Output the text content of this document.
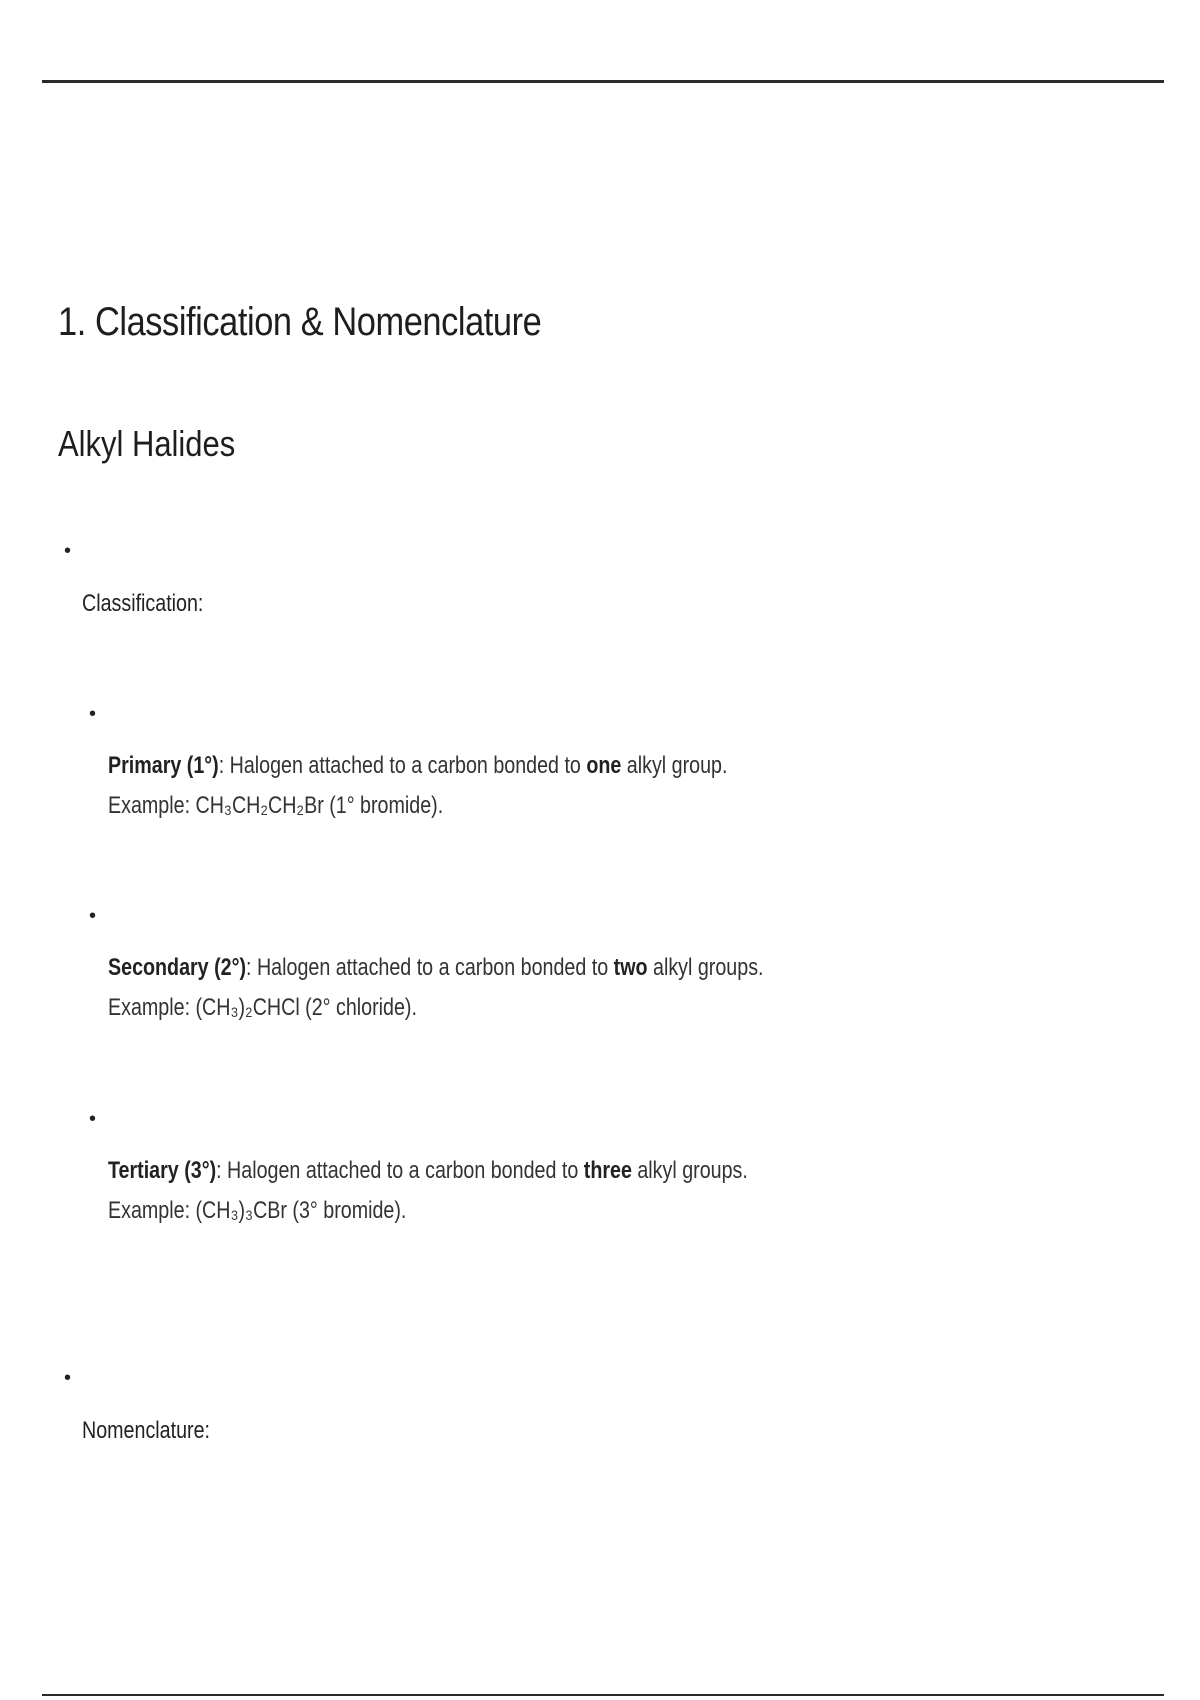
1. Classification & Nomenclature
Alkyl Halides
•
Classification:
•
Primary (1°): Halogen attached to a carbon bonded to one alkyl group.
Example: CH₃CH₂CH₂Br (1° bromide).
•
Secondary (2°): Halogen attached to a carbon bonded to two alkyl groups.
Example: (CH₃)₂CHCl (2° chloride).
•
Tertiary (3°): Halogen attached to a carbon bonded to three alkyl groups.
Example: (CH₃)₃CBr (3° bromide).
•
Nomenclature:
